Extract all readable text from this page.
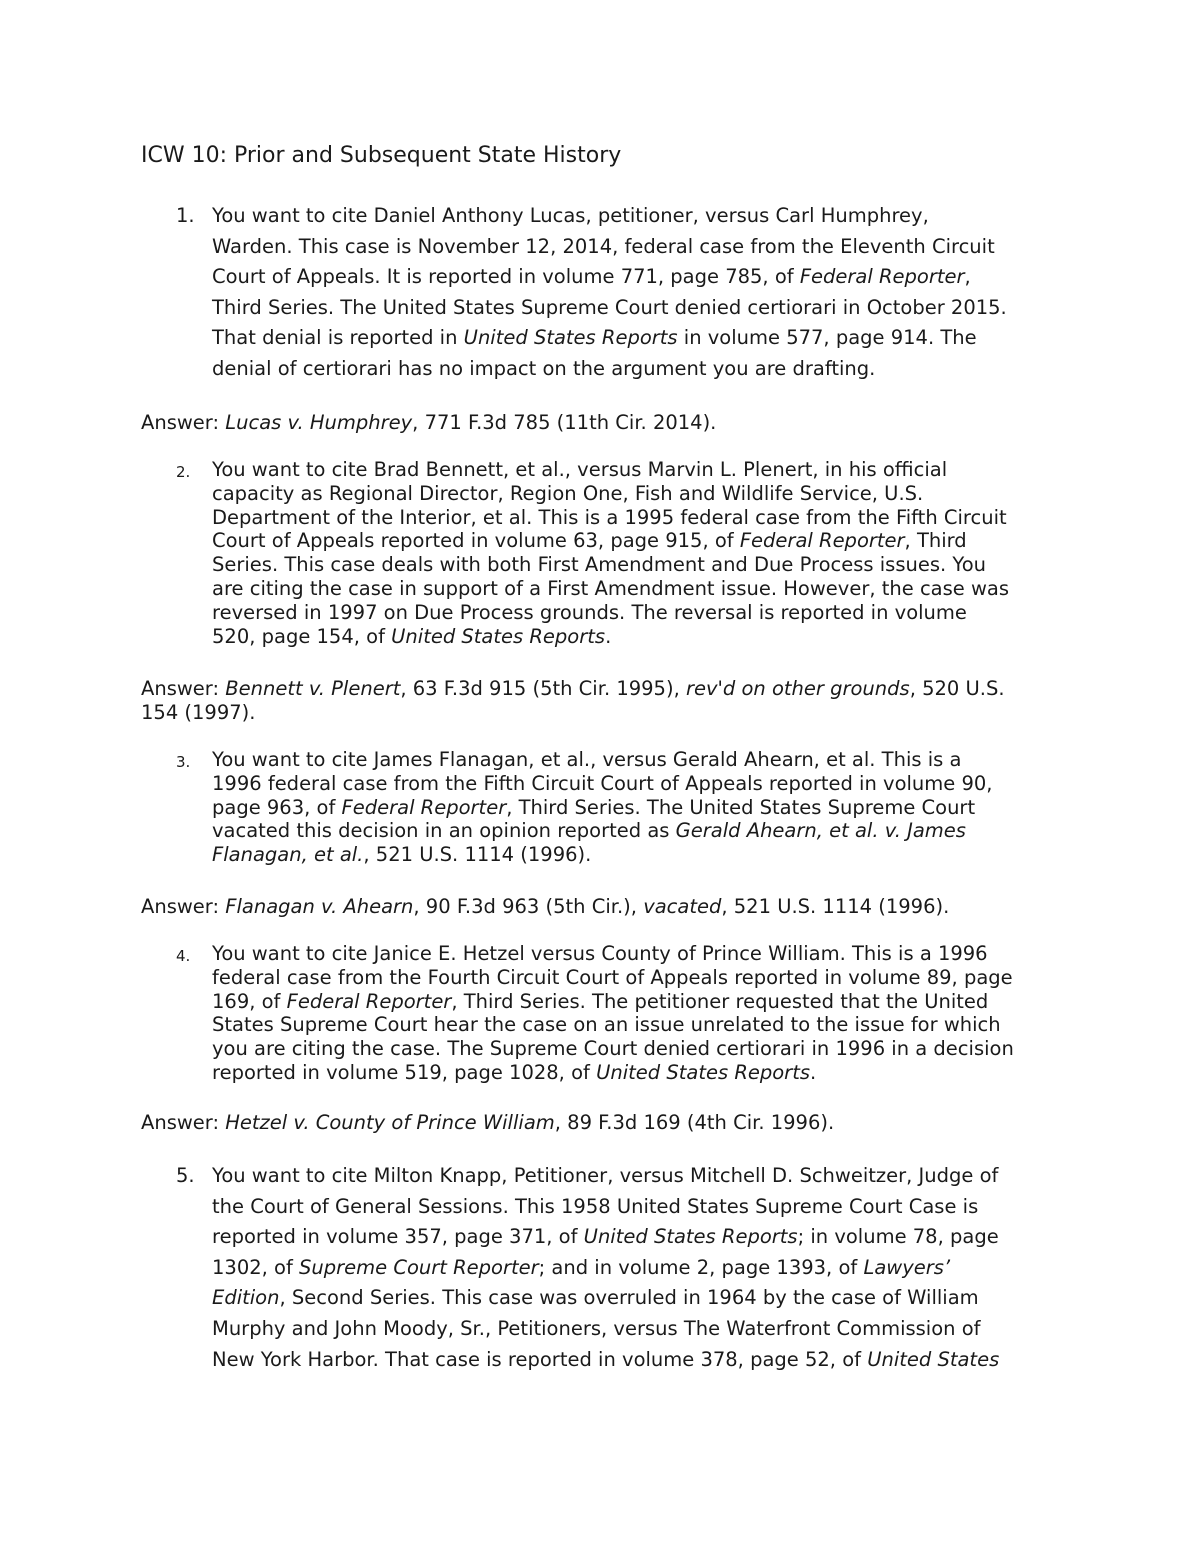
ICW 10: Prior and Subsequent State History
1. You want to cite Daniel Anthony Lucas, petitioner, versus Carl Humphrey,
Warden. This case is November 12, 2014, federal case from the Eleventh Circuit
Court of Appeals. It is reported in volume 771, page 785, of Federal Reporter,
Third Series. The United States Supreme Court denied certiorari in October 2015.
That denial is reported in United States Reports in volume 577, page 914. The
denial of certiorari has no impact on the argument you are drafting.
Answer: Lucas v. Humphrey, 771 F.3d 785 (11th Cir. 2014).
2. You want to cite Brad Bennett, et al., versus Marvin L. Plenert, in his official
capacity as Regional Director, Region One, Fish and Wildlife Service, U.S.
Department of the Interior, et al. This is a 1995 federal case from the Fifth Circuit
Court of Appeals reported in volume 63, page 915, of Federal Reporter, Third
Series. This case deals with both First Amendment and Due Process issues. You
are citing the case in support of a First Amendment issue. However, the case was
reversed in 1997 on Due Process grounds. The reversal is reported in volume
520, page 154, of United States Reports.
Answer: Bennett v. Plenert, 63 F.3d 915 (5th Cir. 1995), rev'd on other grounds, 520 U.S.
154 (1997).
3. You want to cite James Flanagan, et al., versus Gerald Ahearn, et al. This is a
1996 federal case from the Fifth Circuit Court of Appeals reported in volume 90,
page 963, of Federal Reporter, Third Series. The United States Supreme Court
vacated this decision in an opinion reported as Gerald Ahearn, et al. v. James
Flanagan, et al., 521 U.S. 1114 (1996).
Answer: Flanagan v. Ahearn, 90 F.3d 963 (5th Cir.), vacated, 521 U.S. 1114 (1996).
4. You want to cite Janice E. Hetzel versus County of Prince William. This is a 1996
federal case from the Fourth Circuit Court of Appeals reported in volume 89, page
169, of Federal Reporter, Third Series. The petitioner requested that the United
States Supreme Court hear the case on an issue unrelated to the issue for which
you are citing the case. The Supreme Court denied certiorari in 1996 in a decision
reported in volume 519, page 1028, of United States Reports.
Answer: Hetzel v. County of Prince William, 89 F.3d 169 (4th Cir. 1996).
5. You want to cite Milton Knapp, Petitioner, versus Mitchell D. Schweitzer, Judge of
the Court of General Sessions. This 1958 United States Supreme Court Case is
reported in volume 357, page 371, of United States Reports; in volume 78, page
1302, of Supreme Court Reporter; and in volume 2, page 1393, of Lawyers’
Edition, Second Series. This case was overruled in 1964 by the case of William
Murphy and John Moody, Sr., Petitioners, versus The Waterfront Commission of
New York Harbor. That case is reported in volume 378, page 52, of United States
